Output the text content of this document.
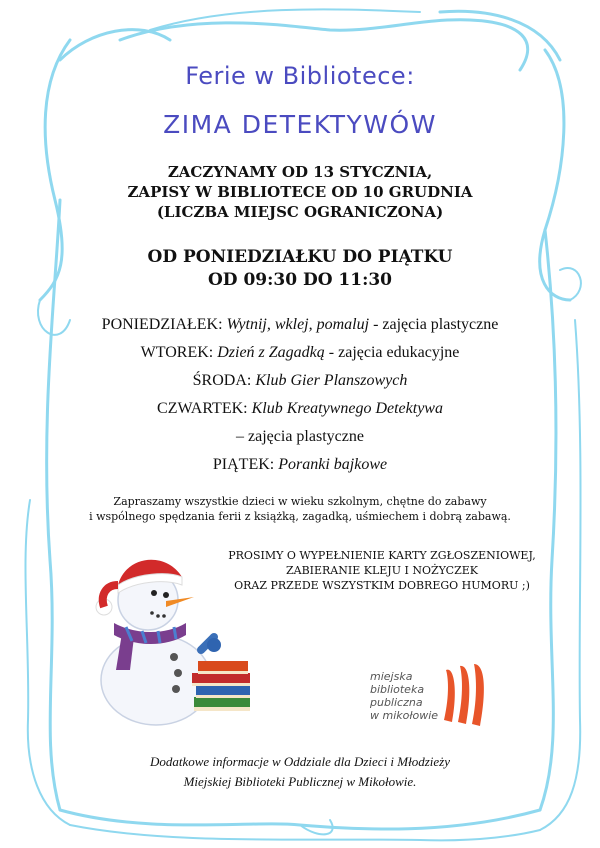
Ferie w Bibliotece:
ZIMA DETEKTYWÓW
ZACZYNAMY OD 13 STYCZNIA,
ZAPISY W BIBLIOTECE OD 10 GRUDNIA
(LICZBA MIEJSC OGRANICZONA)
OD PONIEDZIAŁKU DO PIĄTKU
OD 09:30 DO 11:30
PONIEDZIAŁEK: Wytnij, wklej, pomaluj - zajęcia plastyczne
WTOREK: Dzień z Zagadką - zajęcia edukacyjne
ŚRODA: Klub Gier Planszowych
CZWARTEK: Klub Kreatywnego Detektywa
– zajęcia plastyczne
PIĄTEK: Poranki bajkowe
Zapraszamy wszystkie dzieci w wieku szkolnym, chętne do zabawy
i wspólnego spędzania ferii z książką, zagadką, uśmiechem i dobrą zabawą.
PROSIMY O WYPEŁNIENIE KARTY ZGŁOSZENIOWEJ,
ZABIERANIE KLEJU I NOŻYCZEK
ORAZ PRZEDE WSZYSTKIM DOBREGO HUMORU ;)
miejska
biblioteka
publiczna
w mikołowie
Dodatkowe informacje w Oddziale dla Dzieci i Młodzieży
Miejskiej Biblioteki Publicznej w Mikołowie.
